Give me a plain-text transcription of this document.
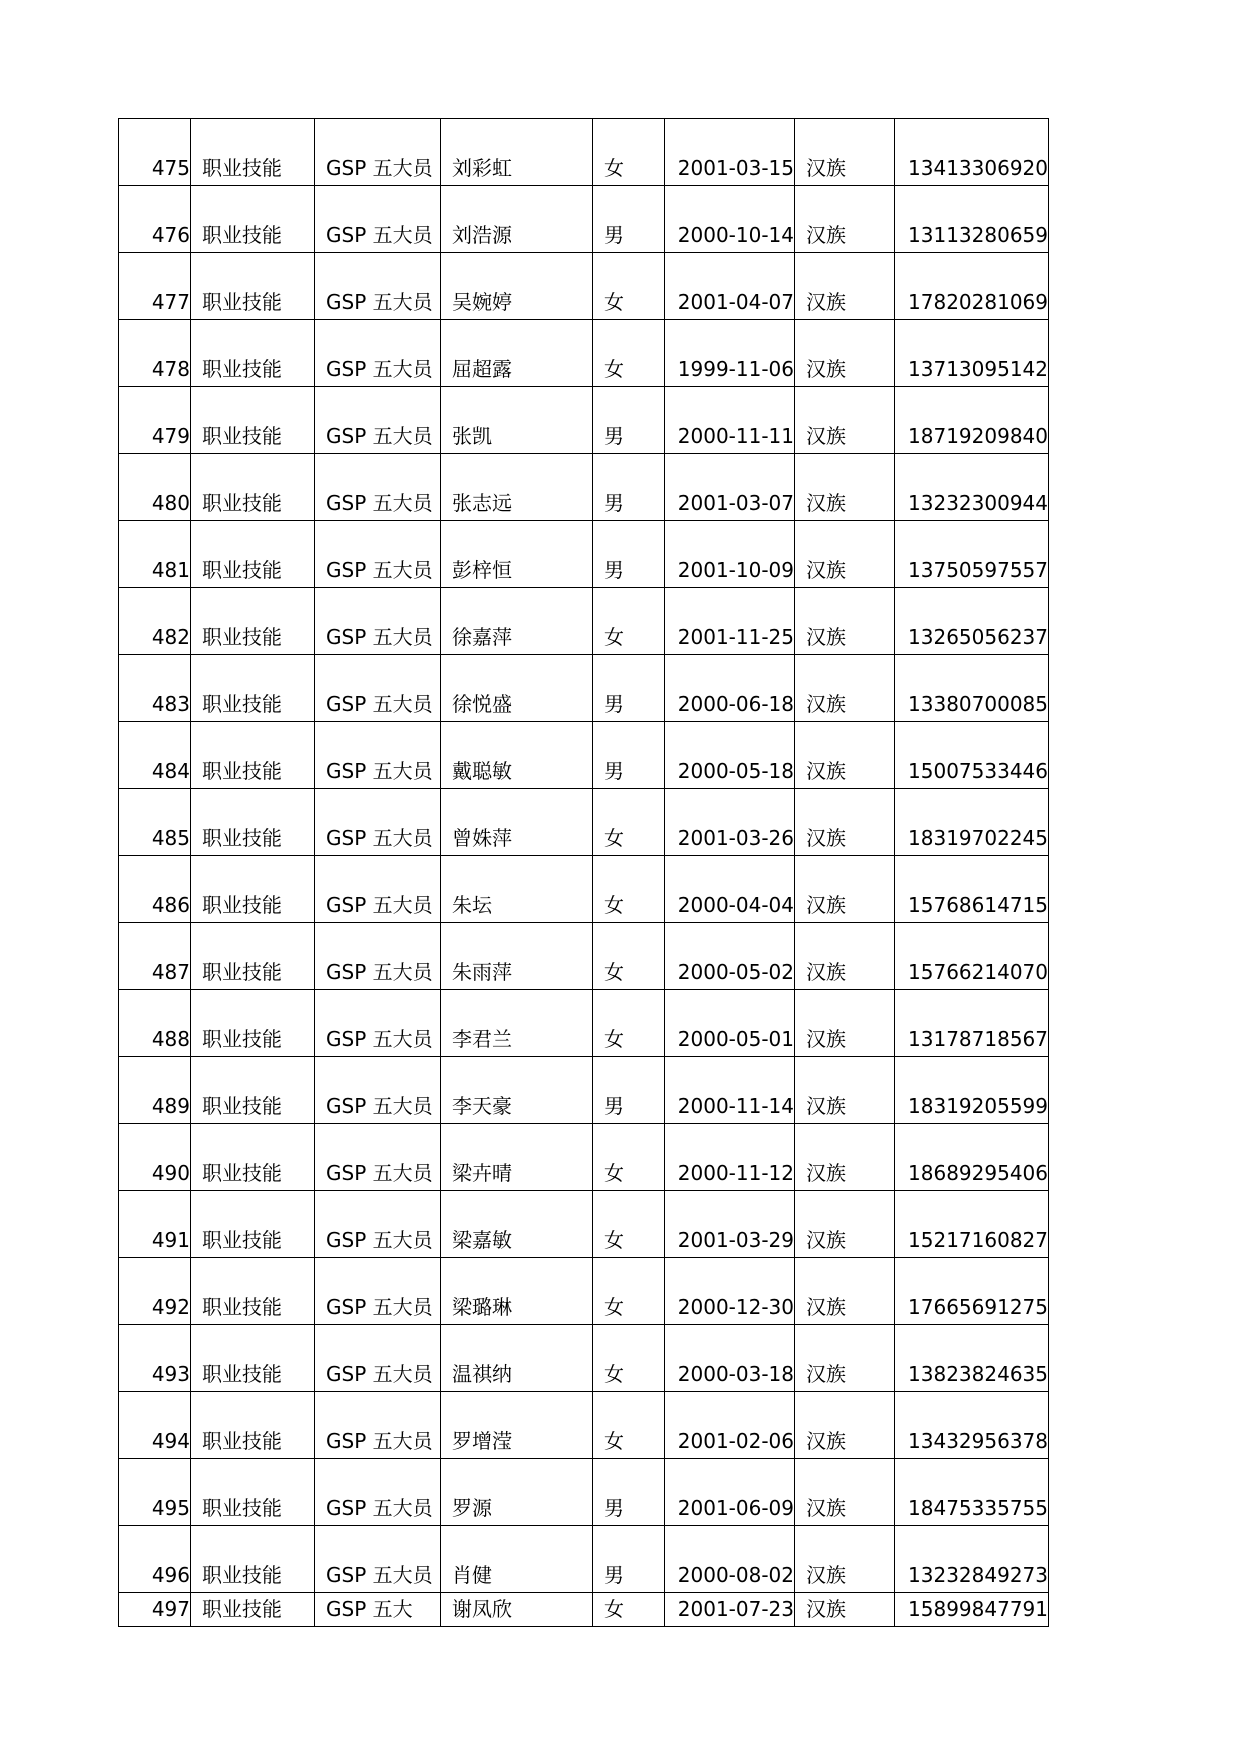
475	职业技能	GSP 五大员	刘彩虹	女	2001-03-15	汉族	13413306920
476	职业技能	GSP 五大员	刘浩源	男	2000-10-14	汉族	13113280659
477	职业技能	GSP 五大员	吴婉婷	女	2001-04-07	汉族	17820281069
478	职业技能	GSP 五大员	屈超露	女	1999-11-06	汉族	13713095142
479	职业技能	GSP 五大员	张凯	男	2000-11-11	汉族	18719209840
480	职业技能	GSP 五大员	张志远	男	2001-03-07	汉族	13232300944
481	职业技能	GSP 五大员	彭梓恒	男	2001-10-09	汉族	13750597557
482	职业技能	GSP 五大员	徐嘉萍	女	2001-11-25	汉族	13265056237
483	职业技能	GSP 五大员	徐悦盛	男	2000-06-18	汉族	13380700085
484	职业技能	GSP 五大员	戴聪敏	男	2000-05-18	汉族	15007533446
485	职业技能	GSP 五大员	曾姝萍	女	2001-03-26	汉族	18319702245
486	职业技能	GSP 五大员	朱坛	女	2000-04-04	汉族	15768614715
487	职业技能	GSP 五大员	朱雨萍	女	2000-05-02	汉族	15766214070
488	职业技能	GSP 五大员	李君兰	女	2000-05-01	汉族	13178718567
489	职业技能	GSP 五大员	李天豪	男	2000-11-14	汉族	18319205599
490	职业技能	GSP 五大员	梁卉晴	女	2000-11-12	汉族	18689295406
491	职业技能	GSP 五大员	梁嘉敏	女	2001-03-29	汉族	15217160827
492	职业技能	GSP 五大员	梁璐琳	女	2000-12-30	汉族	17665691275
493	职业技能	GSP 五大员	温祺纳	女	2000-03-18	汉族	13823824635
494	职业技能	GSP 五大员	罗增滢	女	2001-02-06	汉族	13432956378
495	职业技能	GSP 五大员	罗源	男	2001-06-09	汉族	18475335755
496	职业技能	GSP 五大员	肖健	男	2000-08-02	汉族	13232849273
497	职业技能	GSP 五大	谢凤欣	女	2001-07-23	汉族	15899847791
